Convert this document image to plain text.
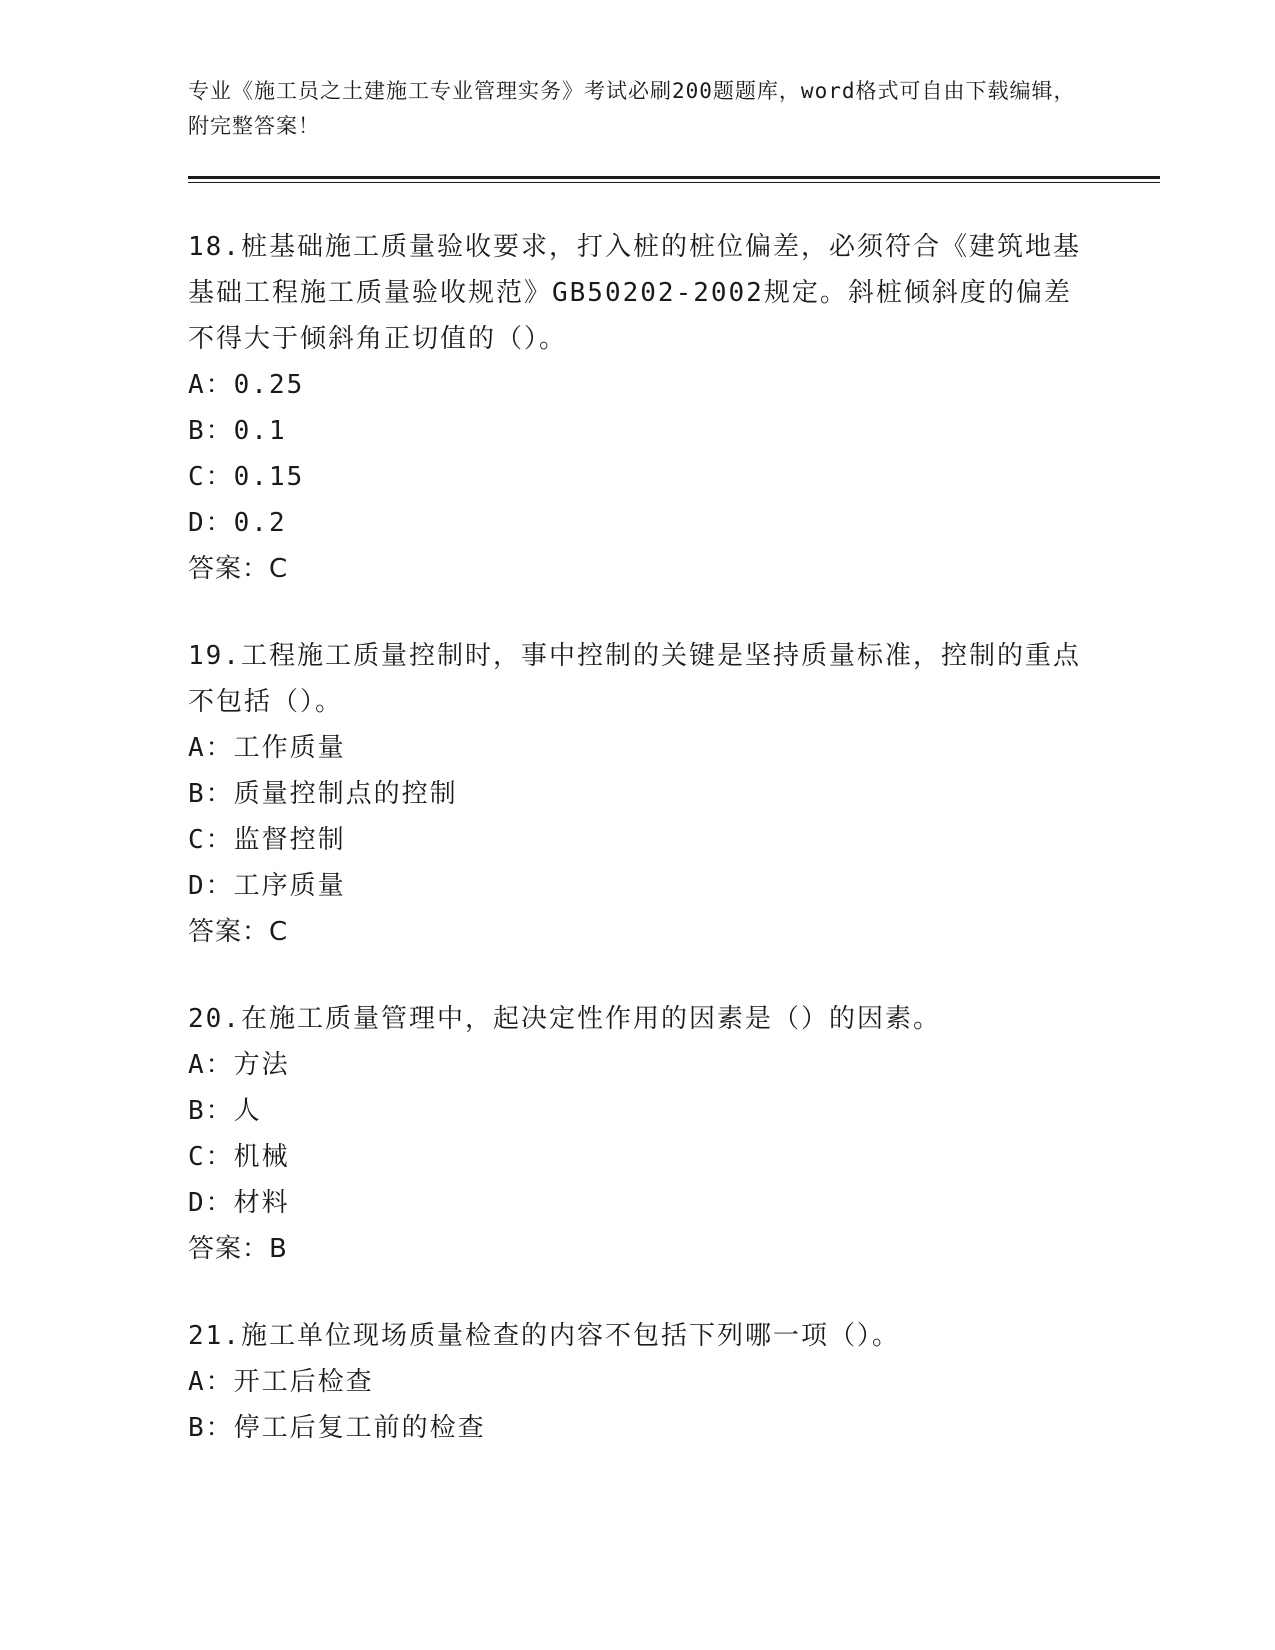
专业《施工员之土建施工专业管理实务》考试必刷200题题库，word格式可自由下载编辑，附完整答案！

18.桩基础施工质量验收要求，打入桩的桩位偏差，必须符合《建筑地基基础工程施工质量验收规范》GB50202-2002规定。斜桩倾斜度的偏差不得大于倾斜角正切值的（）。

A：0.25

B：0.1

C：0.15

D：0.2

答案：C

19.工程施工质量控制时，事中控制的关键是坚持质量标准，控制的重点不包括（）。

A：工作质量

B：质量控制点的控制

C：监督控制

D：工序质量

答案：C

20.在施工质量管理中，起决定性作用的因素是（）的因素。

A：方法

B：人

C：机械

D：材料

答案：B

21.施工单位现场质量检查的内容不包括下列哪一项（）。

A：开工后检查

B：停工后复工前的检查
